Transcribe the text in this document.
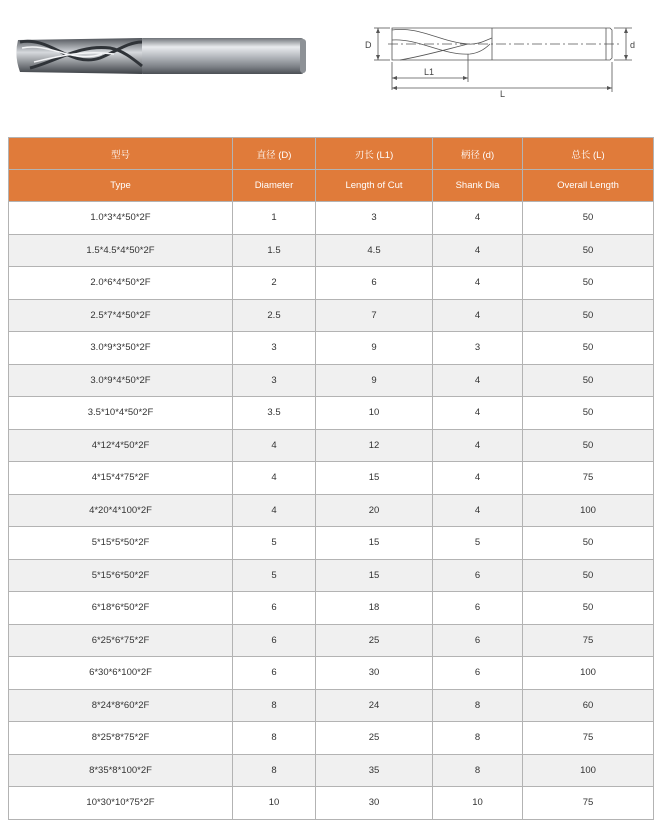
D	d
L1
L
型号	直径 (D)	刃长 (L1)	柄径 (d)	总长 (L)
Type	Diameter	Length of Cut	Shank Dia	Overall Length
1.0*3*4*50*2F	1	3	4	50
1.5*4.5*4*50*2F	1.5	4.5	4	50
2.0*6*4*50*2F	2	6	4	50
2.5*7*4*50*2F	2.5	7	4	50
3.0*9*3*50*2F	3	9	3	50
3.0*9*4*50*2F	3	9	4	50
3.5*10*4*50*2F	3.5	10	4	50
4*12*4*50*2F	4	12	4	50
4*15*4*75*2F	4	15	4	75
4*20*4*100*2F	4	20	4	100
5*15*5*50*2F	5	15	5	50
5*15*6*50*2F	5	15	6	50
6*18*6*50*2F	6	18	6	50
6*25*6*75*2F	6	25	6	75
6*30*6*100*2F	6	30	6	100
8*24*8*60*2F	8	24	8	60
8*25*8*75*2F	8	25	8	75
8*35*8*100*2F	8	35	8	100
10*30*10*75*2F	10	30	10	75
